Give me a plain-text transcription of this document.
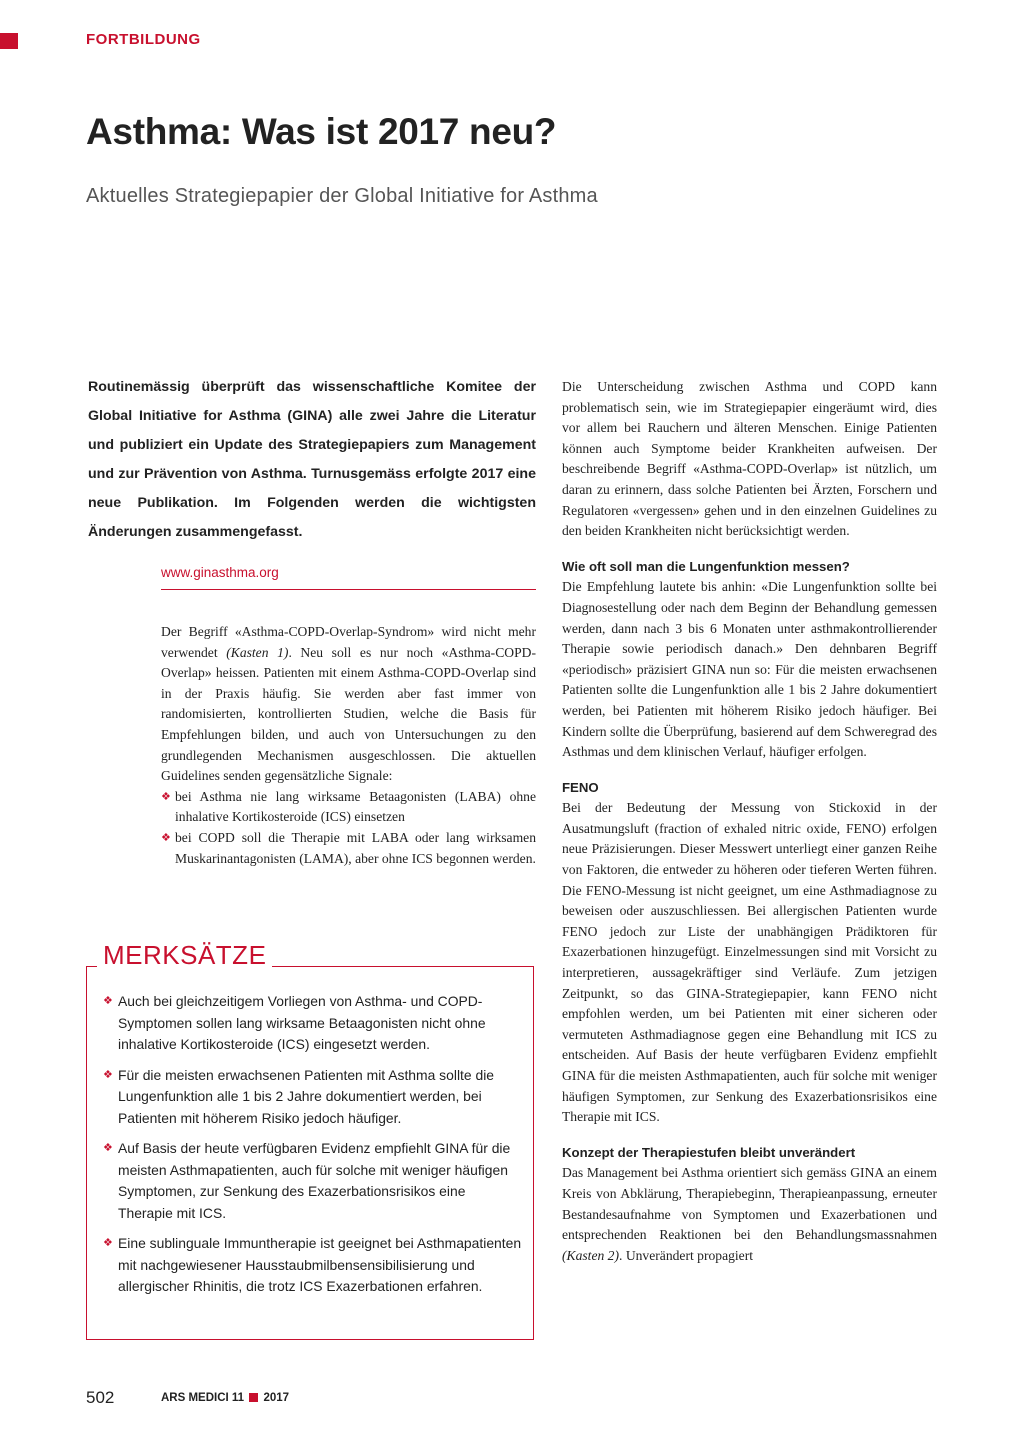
FORTBILDUNG
Asthma: Was ist 2017 neu?

Aktuelles Strategiepapier der Global Initiative for Asthma

Routinemässig überprüft das wissenschaftliche Komitee der Global Initiative for Asthma (GINA) alle zwei Jahre die Literatur und publiziert ein Update des Strategiepapiers zum Management und zur Prävention von Asthma. Turnusgemäss erfolgte 2017 eine neue Publikation. Im Folgenden werden die wichtigsten Änderungen zusammengefasst.

www.ginasthma.org

Der Begriff «Asthma-COPD-Overlap-Syndrom» wird nicht mehr verwendet (Kasten 1). Neu soll es nur noch «Asthma-COPD-Overlap» heissen. Patienten mit einem Asthma-COPD-Overlap sind in der Praxis häufig. Sie werden aber fast immer von randomisierten, kontrollierten Studien, welche die Basis für Empfehlungen bilden, und auch von Untersuchungen zu den grundlegenden Mechanismen ausgeschlossen. Die aktuellen Guidelines senden gegensätzliche Signale:

❖ bei Asthma nie lang wirksame Betaagonisten (LABA) ohne inhalative Kortikosteroide (ICS) einsetzen
❖ bei COPD soll die Therapie mit LABA oder lang wirksamen Muskarinantagonisten (LAMA), aber ohne ICS begonnen werden.
MERKSÄTZE
❖ Auch bei gleichzeitigem Vorliegen von Asthma- und COPD-Symptomen sollen lang wirksame Betaagonisten nicht ohne inhalative Kortikosteroide (ICS) eingesetzt werden.
❖ Für die meisten erwachsenen Patienten mit Asthma sollte die Lungenfunktion alle 1 bis 2 Jahre dokumentiert werden, bei Patienten mit höherem Risiko jedoch häufiger.
❖ Auf Basis der heute verfügbaren Evidenz empfiehlt GINA für die meisten Asthmapatienten, auch für solche mit weniger häufigen Symptomen, zur Senkung des Exazerbationsrisikos eine Therapie mit ICS.
❖ Eine sublinguale Immuntherapie ist geeignet bei Asthmapatienten mit nachgewiesener Hausstaubmilbensensibilisierung und allergischer Rhinitis, die trotz ICS Exazerbationen erfahren.

Die Unterscheidung zwischen Asthma und COPD kann problematisch sein, wie im Strategiepapier eingeräumt wird, dies vor allem bei Rauchern und älteren Menschen. Einige Patienten können auch Symptome beider Krankheiten aufweisen. Der beschreibende Begriff «Asthma-COPD-Overlap» ist nützlich, um daran zu erinnern, dass solche Patienten bei Ärzten, Forschern und Regulatoren «vergessen» gehen und in den einzelnen Guidelines zu den beiden Krankheiten nicht berücksichtigt werden.

Wie oft soll man die Lungenfunktion messen?

Die Empfehlung lautete bis anhin: «Die Lungenfunktion sollte bei Diagnosestellung oder nach dem Beginn der Behandlung gemessen werden, dann nach 3 bis 6 Monaten unter asthmakontrollierender Therapie sowie periodisch danach.» Den dehnbaren Begriff «periodisch» präzisiert GINA nun so: Für die meisten erwachsenen Patienten sollte die Lungenfunktion alle 1 bis 2 Jahre dokumentiert werden, bei Patienten mit höherem Risiko jedoch häufiger. Bei Kindern sollte die Überprüfung, basierend auf dem Schweregrad des Asthmas und dem klinischen Verlauf, häufiger erfolgen.

FENO

Bei der Bedeutung der Messung von Stickoxid in der Ausatmungsluft (fraction of exhaled nitric oxide, FENO) erfolgen neue Präzisierungen. Dieser Messwert unterliegt einer ganzen Reihe von Faktoren, die entweder zu höheren oder tieferen Werten führen. Die FENO-Messung ist nicht geeignet, um eine Asthmadiagnose zu beweisen oder auszuschliessen. Bei allergischen Patienten wurde FENO jedoch zur Liste der unabhängigen Prädiktoren für Exazerbationen hinzugefügt. Einzelmessungen sind mit Vorsicht zu interpretieren, aussagekräftiger sind Verläufe. Zum jetzigen Zeitpunkt, so das GINA-Strategiepapier, kann FENO nicht empfohlen werden, um bei Patienten mit einer sicheren oder vermuteten Asthmadiagnose gegen eine Behandlung mit ICS zu entscheiden. Auf Basis der heute verfügbaren Evidenz empfiehlt GINA für die meisten Asthmapatienten, auch für solche mit weniger häufigen Symptomen, zur Senkung des Exazerbationsrisikos eine Therapie mit ICS.

Konzept der Therapiestufen bleibt unverändert

Das Management bei Asthma orientiert sich gemäss GINA an einem Kreis von Abklärung, Therapiebeginn, Therapieanpassung, erneuter Bestandesaufnahme von Symptomen und Exazerbationen und entsprechenden Reaktionen bei den Behandlungsmassnahmen (Kasten 2). Unverändert propagiert

502	ARS MEDICI 11 2017
